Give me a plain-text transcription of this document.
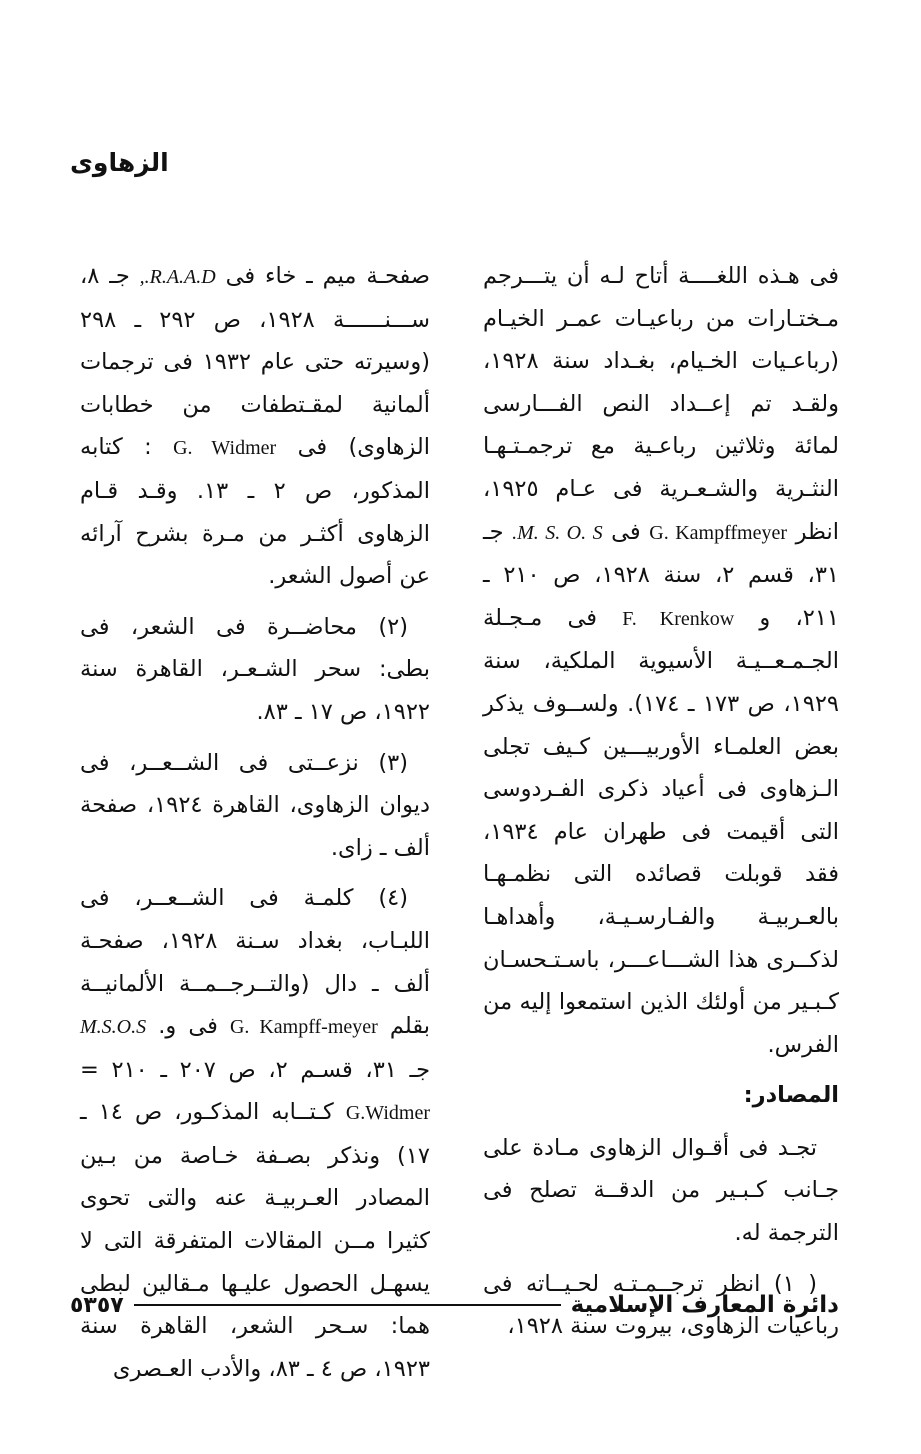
الزهاوى

فى هـذه اللغــــة أتاح لـه أن يتـــرجم مـختـارات من رباعيـات عمـر الخيـام (رباعـيات الخـيام، بغـداد سنة ١٩٢٨، ولقـد تم إعــداد النص الفـــارسى لمائة وثلاثين رباعـية مع ترجمـتـهـا النثـرية والشـعـرية فى عـام ١٩٢٥، انظر G. Kampffmeyer فى M. S. O. S. جـ ٣١، قسم ٢، سنة ١٩٢٨، ص ٢١٠ ـ ٢١١، و F. Krenkow فى مـجـلة الجـمـعــيـة الأسيوية الملكية، سنة ١٩٢٩، ص ١٧٣ ـ ١٧٤). ولســوف يذكر بعض العلمـاء الأوربيـــين كـيف تجلى الـزهاوى فى أعياد ذكرى الفـردوسى التى أقيمت فى طهران عام ١٩٣٤، فقد قوبلت قصائده التى نظمـهـا بالعـربيـة والفـارسـيـة، وأهداهـا لذكــرى هذا الشـــاعـــر، باسـتـحسـان كـبـير من أولئك الذين استمعوا إليه من الفرس.

المصادر:

تجـد فى أقـوال الزهاوى مـادة على جـانب كـبـير من الدقــة تصلح فى الترجمة له.

( ١) انظر ترجــمـتـه لحـيــاته فى رباعيات الزهاوى، بيروت سنة ١٩٢٨،

صفحـة ميم ـ خاء فى R.A.A.D., جـ ٨، ســـنــــــة ١٩٢٨، ص ٢٩٢ ـ ٢٩٨ (وسيرته حتى عام ١٩٣٢ فى ترجمات ألمانية لمقـتطفات من خطابات الزهاوى) فى G. Widmer : كتابه المذكور، ص ٢ ـ ١٣. وقـد قـام الزهاوى أكثـر من مـرة بشرح آرائه عن أصول الشعر.

(٢) محاضــرة فى الشعر، فى بطى: سحر الشـعـر، القاهرة سنة ١٩٢٢، ص ١٧ ـ ٨٣.

(٣) نزعــتى فى الشــعــر، فى ديوان الزهاوى، القاهرة ١٩٢٤، صفحة ألف ـ زاى.

(٤) كلمـة فى الشــعــر، فى اللبـاب، بغداد سـنة ١٩٢٨، صفحـة ألف ـ دال (والتــرجــمــة الألمانيــة بقلم G. Kampff-meyer فى و. M.S.O.S جـ ٣١، قسـم ٢، ص ٢٠٧ ـ ٢١٠ = G.Widmer كـتــابه المذكـور، ص ١٤ ـ ١٧) ونذكر بصـفة خـاصة من بـين المصادر العـربيـة عنه والتى تحوى كثيرا مــن المقالات المتفرقة التى لا يسهـل الحصول عليـها مـقالين لبطى هما: سـحر الشعر، القاهرة سنة ١٩٢٣، ص ٤ ـ ٨٣، والأدب العـصرى

دائرة المعارف الإسلامية
٥٣٥٧
